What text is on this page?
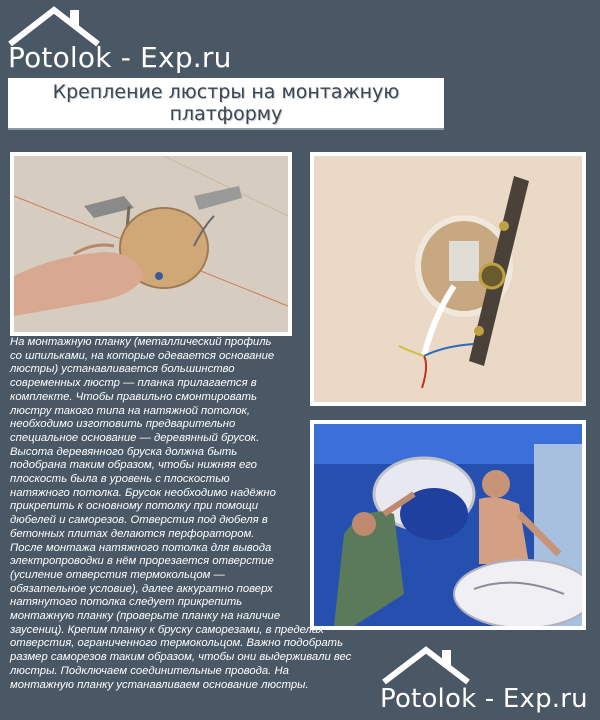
Potolok - Exp.ru
Крепление люстры на монтажную платформу
На монтажную планку (металлический профиль
со шпильками, на которые одевается основание
люстры) устанавливается большинство
современных люстр — планка прилагается в
комплекте. Чтобы правильно смонтировать
люстру такого типа на натяжной потолок,
необходимо изготовить предварительно
специальное основание — деревянный брусок.
Высота деревянного бруска должна быть
подобрана таким образом, чтобы нижняя его
плоскость была в уровень с плоскостью
натяжного потолка. Брусок необходимо надёжно
прикрепить к основному потолку при помощи
дюбелей и саморезов. Отверстия под дюбеля в
бетонных плитах делаются перфоратором.
После монтажа натяжного потолка для вывода
электропроводки в нём прорезается отверстие
(усиление отверстия термокольцом —
обязательное условие), далее аккуратно поверх
натянутого потолка следует прикрепить
монтажную планку (проверьте планку на наличие
заусениц). Крепим планку к бруску саморезами, в пределах
отверстия, ограниченного термокольцом. Важно подобрать
размер саморезов таким образом, чтобы они выдерживали вес
люстры. Подключаем соединительные провода. На
монтажную планку устанавливаем основание люстры.	Potolok - Exp.ru
